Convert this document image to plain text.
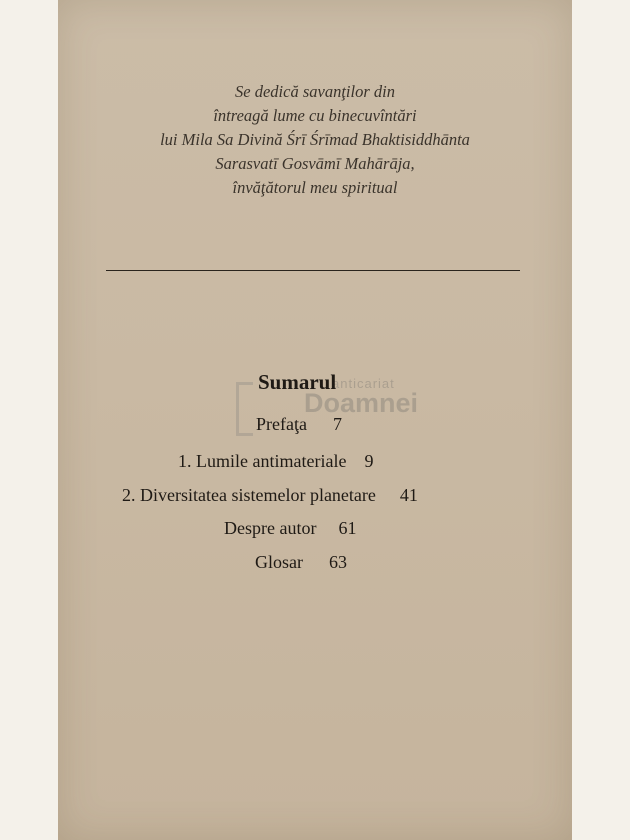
Se dedică savanţilor din
întreagă lume cu binecuvîntări
lui Mila Sa Divină Śrī Śrīmad Bhaktisiddhānta
Sarasvatī Gosvāmī Mahārāja,
învăţătorul meu spiritual
anticariat
Doamnei
Sumarul
Prefaţa 7
1. Lumile antimateriale 9
2. Diversitatea sistemelor planetare 41
Despre autor 61
Glosar 63
